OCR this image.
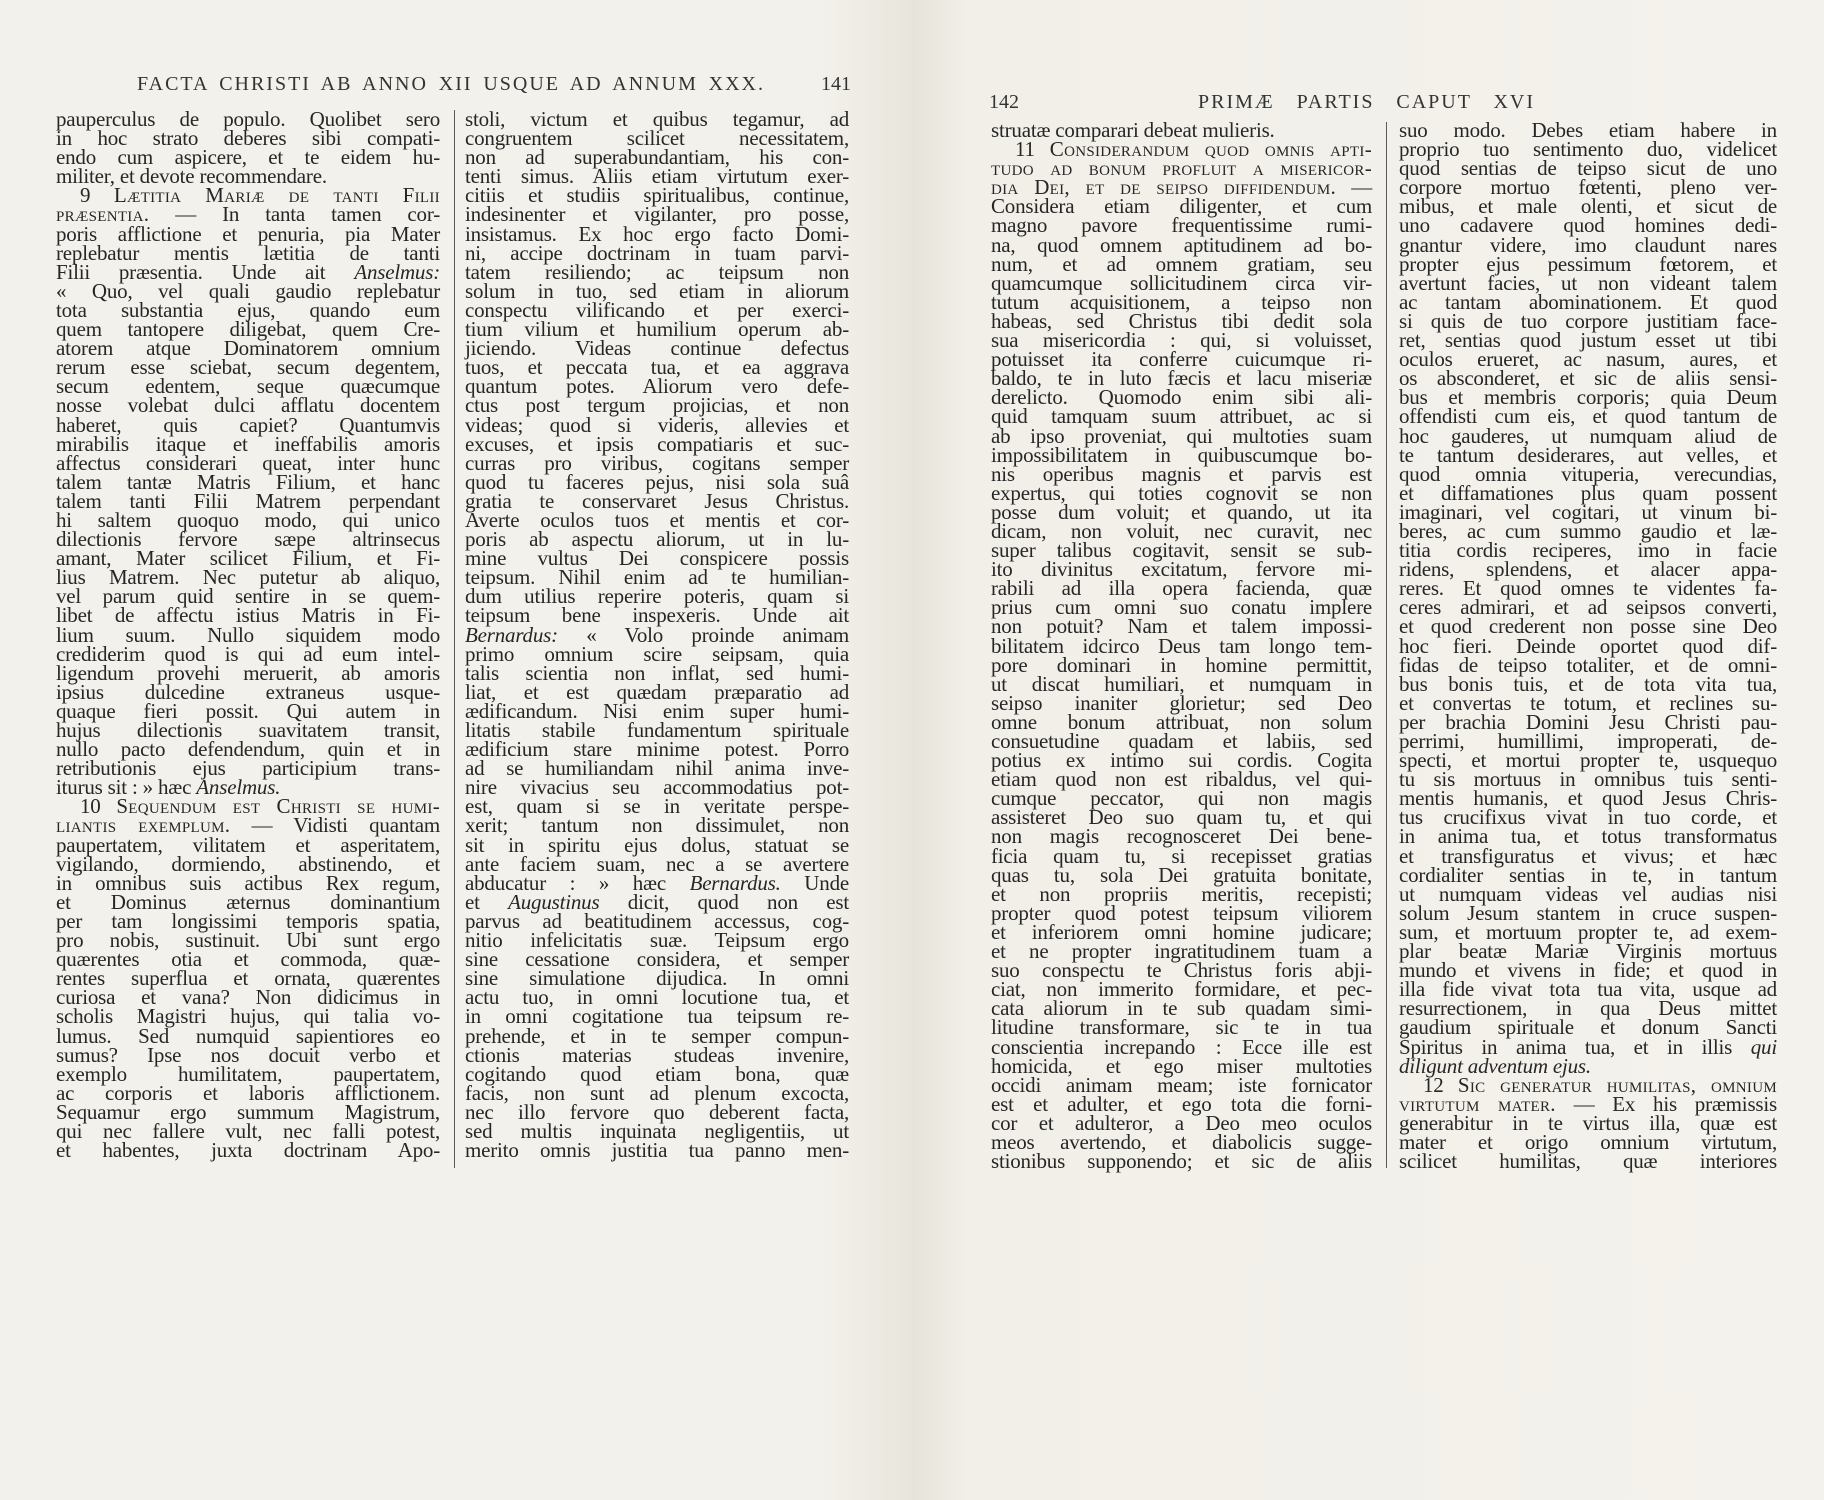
FACTA CHRISTI AB ANNO XII USQUE AD ANNUM XXX.	141
pauperculus de populo. Quolibet sero
in hoc strato deberes sibi compati-
endo cum aspicere, et te eidem hu-
militer, et devote recommendare.
9 Lætitia Mariæ de tanti Filii
præsentia. — In tanta tamen cor-
poris afflictione et penuria, pia Mater
replebatur mentis lætitia de tanti
Filii præsentia. Unde ait Anselmus:
« Quo, vel quali gaudio replebatur
tota substantia ejus, quando eum
quem tantopere diligebat, quem Cre-
atorem atque Dominatorem omnium
rerum esse sciebat, secum degentem,
secum edentem, seque quæcumque
nosse volebat dulci afflatu docentem
haberet, quis capiet? Quantumvis
mirabilis itaque et ineffabilis amoris
affectus considerari queat, inter hunc
talem tantæ Matris Filium, et hanc
talem tanti Filii Matrem perpendant
hi saltem quoquo modo, qui unico
dilectionis fervore sæpe altrinsecus
amant, Mater scilicet Filium, et Fi-
lius Matrem. Nec putetur ab aliquo,
vel parum quid sentire in se quem-
libet de affectu istius Matris in Fi-
lium suum. Nullo siquidem modo
crediderim quod is qui ad eum intel-
ligendum provehi meruerit, ab amoris
ipsius dulcedine extraneus usque-
quaque fieri possit. Qui autem in
hujus dilectionis suavitatem transit,
nullo pacto defendendum, quin et in
retributionis ejus participium trans-
iturus sit : » hæc Anselmus.
10 Sequendum est Christi se humi-
liantis exemplum. — Vidisti quantam
paupertatem, vilitatem et asperitatem,
vigilando, dormiendo, abstinendo, et
in omnibus suis actibus Rex regum,
et Dominus æternus dominantium
per tam longissimi temporis spatia,
pro nobis, sustinuit. Ubi sunt ergo
quærentes otia et commoda, quæ-
rentes superflua et ornata, quærentes
curiosa et vana? Non didicimus in
scholis Magistri hujus, qui talia vo-
lumus. Sed numquid sapientiores eo
sumus? Ipse nos docuit verbo et
exemplo humilitatem, paupertatem,
ac corporis et laboris afflictionem.
Sequamur ergo summum Magistrum,
qui nec fallere vult, nec falli potest,
et habentes, juxta doctrinam Apo-
stoli, victum et quibus tegamur, ad
congruentem scilicet necessitatem,
non ad superabundantiam, his con-
tenti simus. Aliis etiam virtutum exer-
citiis et studiis spiritualibus, continue,
indesinenter et vigilanter, pro posse,
insistamus. Ex hoc ergo facto Domi-
ni, accipe doctrinam in tuam parvi-
tatem resiliendo; ac teipsum non
solum in tuo, sed etiam in aliorum
conspectu vilificando et per exerci-
tium vilium et humilium operum ab-
jiciendo. Videas continue defectus
tuos, et peccata tua, et ea aggrava
quantum potes. Aliorum vero defe-
ctus post tergum projicias, et non
videas; quod si videris, allevies et
excuses, et ipsis compatiaris et suc-
curras pro viribus, cogitans semper
quod tu faceres pejus, nisi sola suâ
gratia te conservaret Jesus Christus.
Averte oculos tuos et mentis et cor-
poris ab aspectu aliorum, ut in lu-
mine vultus Dei conspicere possis
teipsum. Nihil enim ad te humilian-
dum utilius reperire poteris, quam si
teipsum bene inspexeris. Unde ait
Bernardus: « Volo proinde animam
primo omnium scire seipsam, quia
talis scientia non inflat, sed humi-
liat, et est quædam præparatio ad
ædificandum. Nisi enim super humi-
litatis stabile fundamentum spirituale
ædificium stare minime potest. Porro
ad se humiliandam nihil anima inve-
nire vivacius seu accommodatius pot-
est, quam si se in veritate perspe-
xerit; tantum non dissimulet, non
sit in spiritu ejus dolus, statuat se
ante faciem suam, nec a se avertere
abducatur : » hæc Bernardus. Unde
et Augustinus dicit, quod non est
parvus ad beatitudinem accessus, cog-
nitio infelicitatis suæ. Teipsum ergo
sine cessatione considera, et semper
sine simulatione dijudica. In omni
actu tuo, in omni locutione tua, et
in omni cogitatione tua teipsum re-
prehende, et in te semper compun-
ctionis materias studeas invenire,
cogitando quod etiam bona, quæ
facis, non sunt ad plenum excocta,
nec illo fervore quo deberent facta,
sed multis inquinata negligentiis, ut
merito omnis justitia tua panno men-
142	PRIMÆ PARTIS CAPUT XVI
struatæ comparari debeat mulieris.
11 Considerandum quod omnis apti-
tudo ad bonum profluit a misericor-
dia Dei, et de seipso diffidendum. —
Considera etiam diligenter, et cum
magno pavore frequentissime rumi-
na, quod omnem aptitudinem ad bo-
num, et ad omnem gratiam, seu
quamcumque sollicitudinem circa vir-
tutum acquisitionem, a teipso non
habeas, sed Christus tibi dedit sola
sua misericordia : qui, si voluisset,
potuisset ita conferre cuicumque ri-
baldo, te in luto fæcis et lacu miseriæ
derelicto. Quomodo enim sibi ali-
quid tamquam suum attribuet, ac si
ab ipso proveniat, qui multoties suam
impossibilitatem in quibuscumque bo-
nis operibus magnis et parvis est
expertus, qui toties cognovit se non
posse dum voluit; et quando, ut ita
dicam, non voluit, nec curavit, nec
super talibus cogitavit, sensit se sub-
ito divinitus excitatum, fervore mi-
rabili ad illa opera facienda, quæ
prius cum omni suo conatu implere
non potuit? Nam et talem impossi-
bilitatem idcirco Deus tam longo tem-
pore dominari in homine permittit,
ut discat humiliari, et numquam in
seipso inaniter glorietur; sed Deo
omne bonum attribuat, non solum
consuetudine quadam et labiis, sed
potius ex intimo sui cordis. Cogita
etiam quod non est ribaldus, vel qui-
cumque peccator, qui non magis
assisteret Deo suo quam tu, et qui
non magis recognosceret Dei bene-
ficia quam tu, si recepisset gratias
quas tu, sola Dei gratuita bonitate,
et non propriis meritis, recepisti;
propter quod potest teipsum viliorem
et inferiorem omni homine judicare;
et ne propter ingratitudinem tuam a
suo conspectu te Christus foris abji-
ciat, non immerito formidare, et pec-
cata aliorum in te sub quadam simi-
litudine transformare, sic te in tua
conscientia increpando : Ecce ille est
homicida, et ego miser multoties
occidi animam meam; iste fornicator
est et adulter, et ego tota die forni-
cor et adulteror, a Deo meo oculos
meos avertendo, et diabolicis sugge-
stionibus supponendo; et sic de aliis
suo modo. Debes etiam habere in
proprio tuo sentimento duo, videlicet
quod sentias de teipso sicut de uno
corpore mortuo fœtenti, pleno ver-
mibus, et male olenti, et sicut de
uno cadavere quod homines dedi-
gnantur videre, imo claudunt nares
propter ejus pessimum fœtorem, et
avertunt facies, ut non videant talem
ac tantam abominationem. Et quod
si quis de tuo corpore justitiam face-
ret, sentias quod justum esset ut tibi
oculos erueret, ac nasum, aures, et
os absconderet, et sic de aliis sensi-
bus et membris corporis; quia Deum
offendisti cum eis, et quod tantum de
hoc gauderes, ut numquam aliud de
te tantum desiderares, aut velles, et
quod omnia vituperia, verecundias,
et diffamationes plus quam possent
imaginari, vel cogitari, ut vinum bi-
beres, ac cum summo gaudio et læ-
titia cordis reciperes, imo in facie
ridens, splendens, et alacer appa-
reres. Et quod omnes te videntes fa-
ceres admirari, et ad seipsos converti,
et quod crederent non posse sine Deo
hoc fieri. Deinde oportet quod dif-
fidas de teipso totaliter, et de omni-
bus bonis tuis, et de tota vita tua,
et convertas te totum, et reclines su-
per brachia Domini Jesu Christi pau-
perrimi, humillimi, improperati, de-
specti, et mortui propter te, usquequo
tu sis mortuus in omnibus tuis senti-
mentis humanis, et quod Jesus Chris-
tus crucifixus vivat in tuo corde, et
in anima tua, et totus transformatus
et transfiguratus et vivus; et hæc
cordialiter sentias in te, in tantum
ut numquam videas vel audias nisi
solum Jesum stantem in cruce suspen-
sum, et mortuum propter te, ad exem-
plar beatæ Mariæ Virginis mortuus
mundo et vivens in fide; et quod in
illa fide vivat tota tua vita, usque ad
resurrectionem, in qua Deus mittet
gaudium spirituale et donum Sancti
Spiritus in anima tua, et in illis qui
diligunt adventum ejus.
12 Sic generatur humilitas, omnium
virtutum mater. — Ex his præmissis
generabitur in te virtus illa, quæ est
mater et origo omnium virtutum,
scilicet humilitas, quæ interiores
